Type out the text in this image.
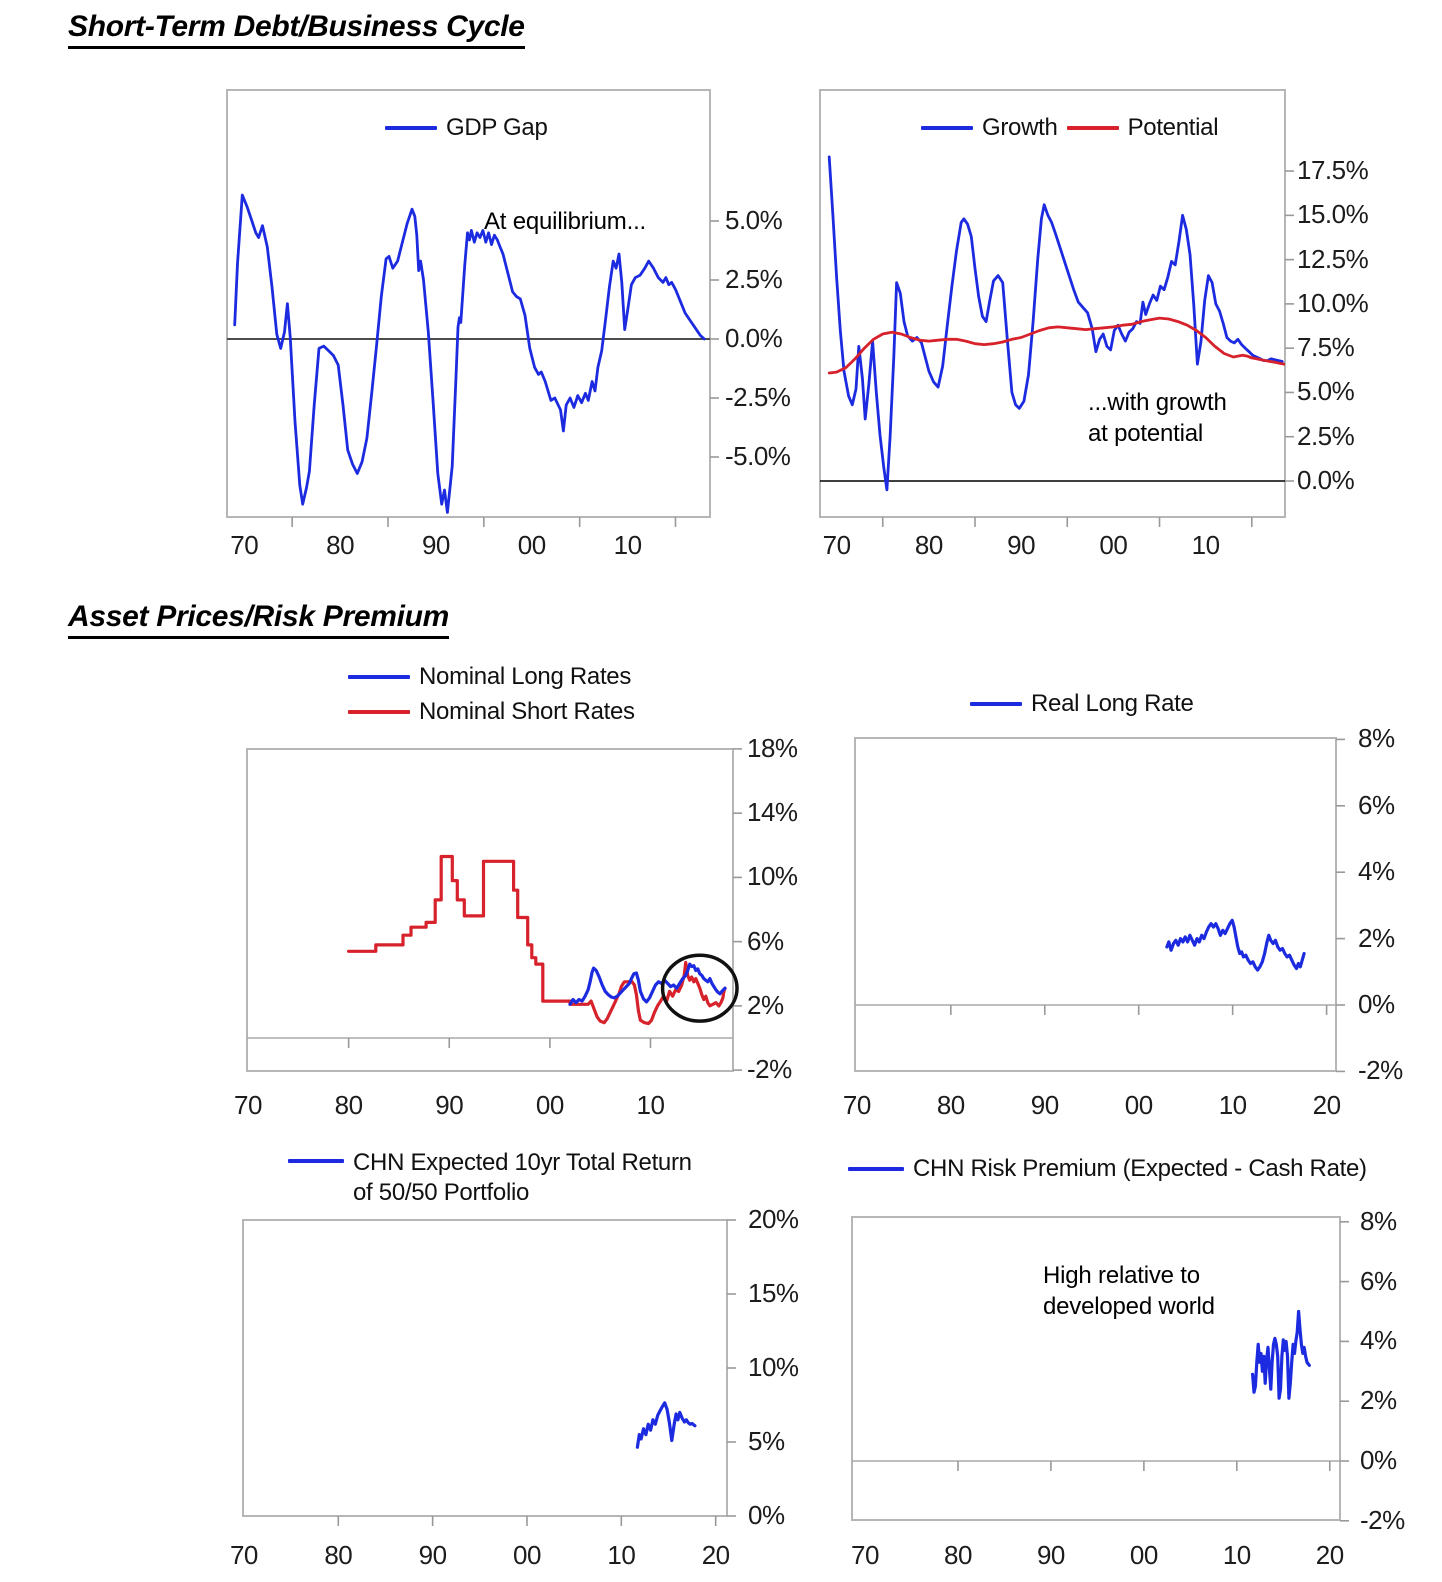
Short-Term Debt/Business Cycle
Asset Prices/Risk Premium
GDP Gap	Growth	Potential
Nominal Long Rates
Nominal Short Rates	Real Long Rate
CHN Expected 10yr Total Return
of 50/50 Portfolio
CHN Risk Premium (Expected - Cash Rate)
At equilibrium...
...with growth
at potential
High relative to
developed world
5.0%
2.5%
0.0%
-2.5%
-5.0%
70	80	90	00	10
17.5%
15.0%
12.5%
10.0%
7.5%
5.0%
2.5%
0.0%
70 80 90 00 10
18%
14%
10%
6%
2%
-2%
70	80	90	00	10
8%
6%
4%
2%
0%
-2%
70	80	90	00	10	20
20%
15%
10%
5%
0%
70	80	90	00	10	20
8%
6%
4%
2%
0%
-2%
70	80	90	00	10	20
